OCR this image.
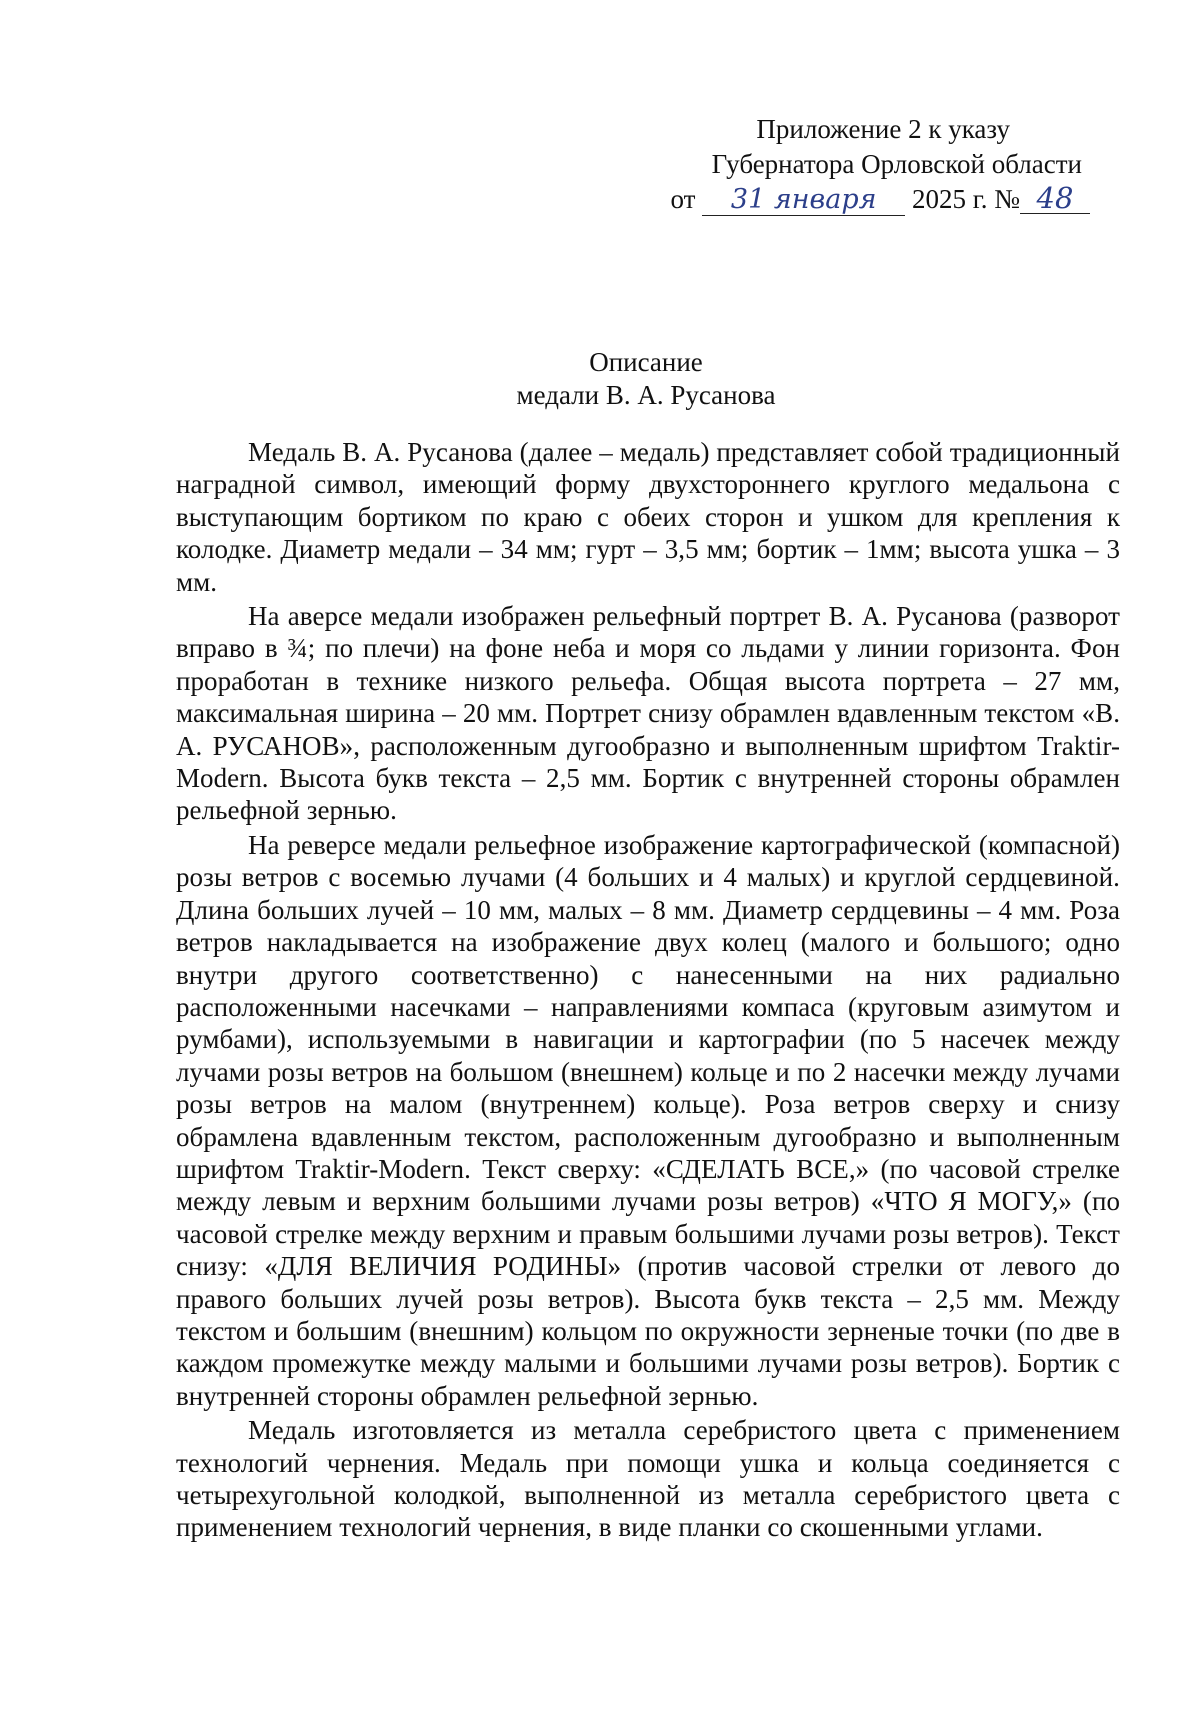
Приложение 2 к указу
Губернатора Орловской области
от 31 января 2025 г. № 48
Описание
медали В. А. Русанова

Медаль В. А. Русанова (далее – медаль) представляет собой традиционный наградной символ, имеющий форму двухстороннего круглого медальона с выступающим бортиком по краю с обеих сторон и ушком для крепления к колодке. Диаметр медали – 34 мм; гурт – 3,5 мм; бортик – 1мм; высота ушка – 3 мм.

На аверсе медали изображен рельефный портрет В. А. Русанова (разворот вправо в ¾; по плечи) на фоне неба и моря со льдами у линии горизонта. Фон проработан в технике низкого рельефа. Общая высота портрета – 27 мм, максимальная ширина – 20 мм. Портрет снизу обрамлен вдавленным текстом «В. А. РУСАНОВ», расположенным дугообразно и выполненным шрифтом Traktir-Modern. Высота букв текста – 2,5 мм. Бортик с внутренней стороны обрамлен рельефной зернью.

На реверсе медали рельефное изображение картографической (компасной) розы ветров с восемью лучами (4 больших и 4 малых) и круглой сердцевиной. Длина больших лучей – 10 мм, малых – 8 мм. Диаметр сердцевины – 4 мм. Роза ветров накладывается на изображение двух колец (малого и большого; одно внутри другого соответственно) с нанесенными на них радиально расположенными насечками – направлениями компаса (круговым азимутом и румбами), используемыми в навигации и картографии (по 5 насечек между лучами розы ветров на большом (внешнем) кольце и по 2 насечки между лучами розы ветров на малом (внутреннем) кольце). Роза ветров сверху и снизу обрамлена вдавленным текстом, расположенным дугообразно и выполненным шрифтом Traktir-Modern. Текст сверху: «СДЕЛАТЬ ВСЕ,» (по часовой стрелке между левым и верхним большими лучами розы ветров) «ЧТО Я МОГУ,» (по часовой стрелке между верхним и правым большими лучами розы ветров). Текст снизу: «ДЛЯ ВЕЛИЧИЯ РОДИНЫ» (против часовой стрелки от левого до правого больших лучей розы ветров). Высота букв текста – 2,5 мм. Между текстом и большим (внешним) кольцом по окружности зерненые точки (по две в каждом промежутке между малыми и большими лучами розы ветров). Бортик с внутренней стороны обрамлен рельефной зернью.

Медаль изготовляется из металла серебристого цвета с применением технологий чернения. Медаль при помощи ушка и кольца соединяется с четырехугольной колодкой, выполненной из металла серебристого цвета с применением технологий чернения, в виде планки со скошенными углами.
